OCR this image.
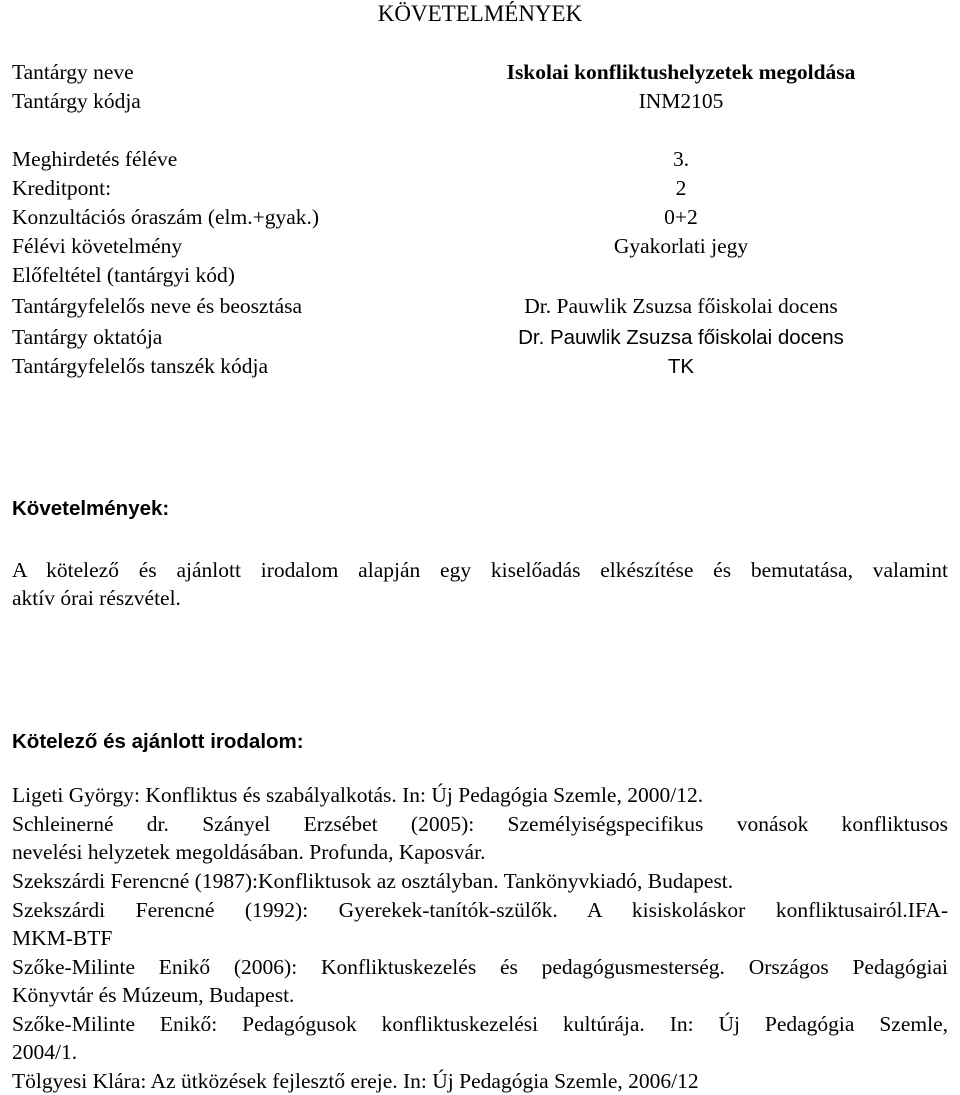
KÖVETELMÉNYEK
Tantárgy neve	Iskolai konfliktushelyzetek megoldása
Tantárgy kódja	INM2105
Meghirdetés féléve	3.
Kreditpont:	2
Konzultációs óraszám (elm.+gyak.)	0+2
Félévi követelmény	Gyakorlati jegy
Előfeltétel (tantárgyi kód)
Tantárgyfelelős neve és beosztása	Dr. Pauwlik Zsuzsa főiskolai docens
Tantárgy oktatója	Dr. Pauwlik Zsuzsa főiskolai docens
Tantárgyfelelős tanszék kódja	TK
Követelmények:
A kötelező és ajánlott irodalom alapján egy kiselőadás elkészítése és bemutatása, valamint
aktív órai részvétel.
Kötelező és ajánlott irodalom:
Ligeti György: Konfliktus és szabályalkotás. In: Új Pedagógia Szemle, 2000/12.
Schleinerné dr. Szányel Erzsébet (2005): Személyiségspecifikus vonások konfliktusos
nevelési helyzetek megoldásában. Profunda, Kaposvár.
Szekszárdi Ferencné (1987):Konfliktusok az osztályban. Tankönyvkiadó, Budapest.
Szekszárdi Ferencné (1992): Gyerekek-tanítók-szülők. A kisiskoláskor konfliktusairól.IFA-
MKM-BTF
Szőke-Milinte Enikő (2006): Konfliktuskezelés és pedagógusmesterség. Országos Pedagógiai
Könyvtár és Múzeum, Budapest.
Szőke-Milinte Enikő: Pedagógusok konfliktuskezelési kultúrája. In: Új Pedagógia Szemle,
2004/1.
Tölgyesi Klára: Az ütközések fejlesztő ereje. In: Új Pedagógia Szemle, 2006/12
